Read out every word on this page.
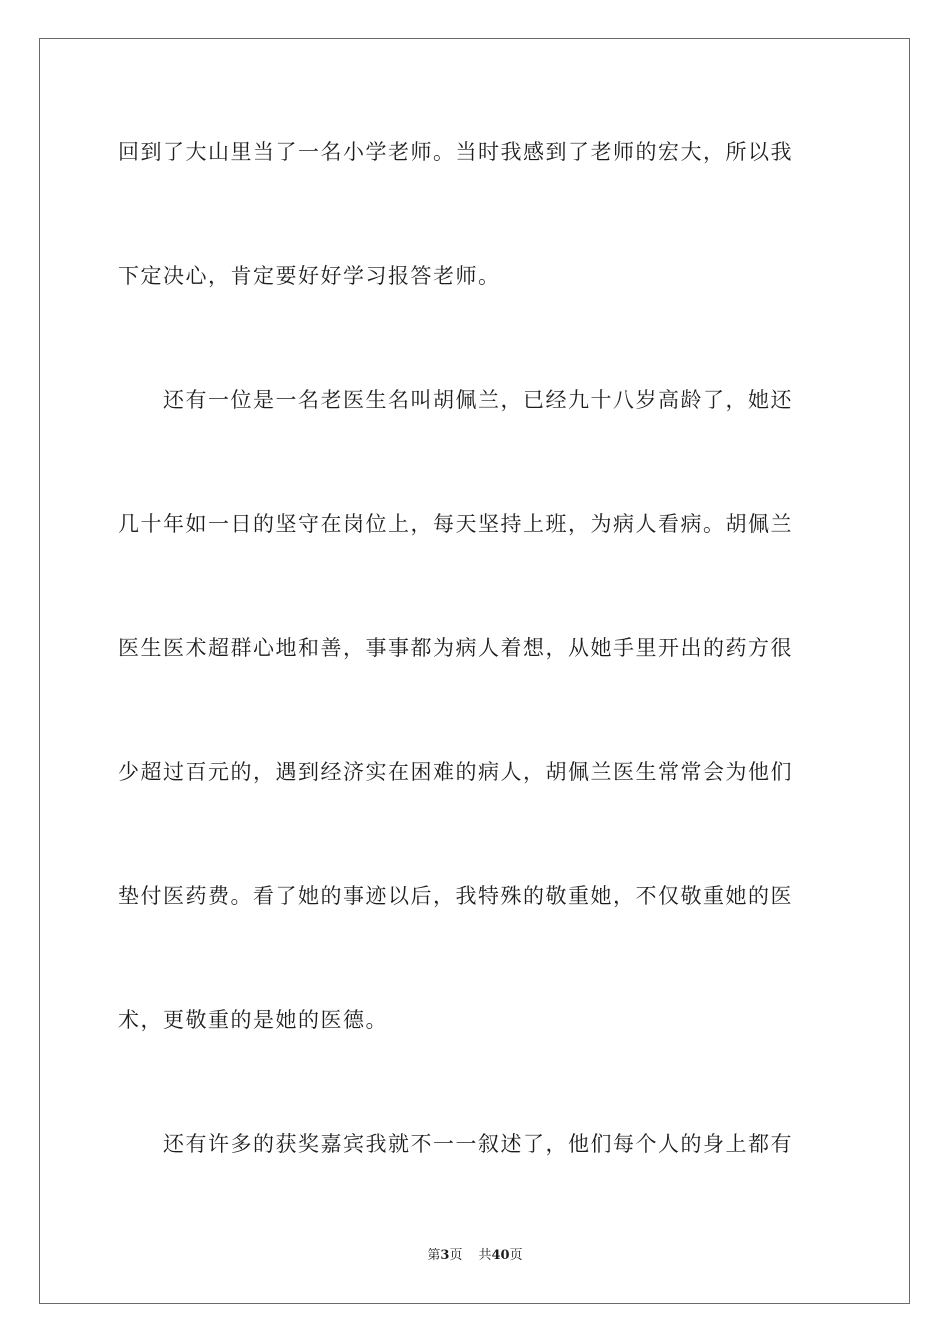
回到了大山里当了一名小学老师。当时我感到了老师的宏大，所以我
下定决心，肯定要好好学习报答老师。
还有一位是一名老医生名叫胡佩兰，已经九十八岁高龄了，她还
几十年如一日的坚守在岗位上，每天坚持上班，为病人看病。胡佩兰
医生医术超群心地和善，事事都为病人着想，从她手里开出的药方很
少超过百元的，遇到经济实在困难的病人，胡佩兰医生常常会为他们
垫付医药费。看了她的事迹以后，我特殊的敬重她，不仅敬重她的医
术，更敬重的是她的医德。
还有许多的获奖嘉宾我就不一一叙述了，他们每个人的身上都有
第3页 共40页
